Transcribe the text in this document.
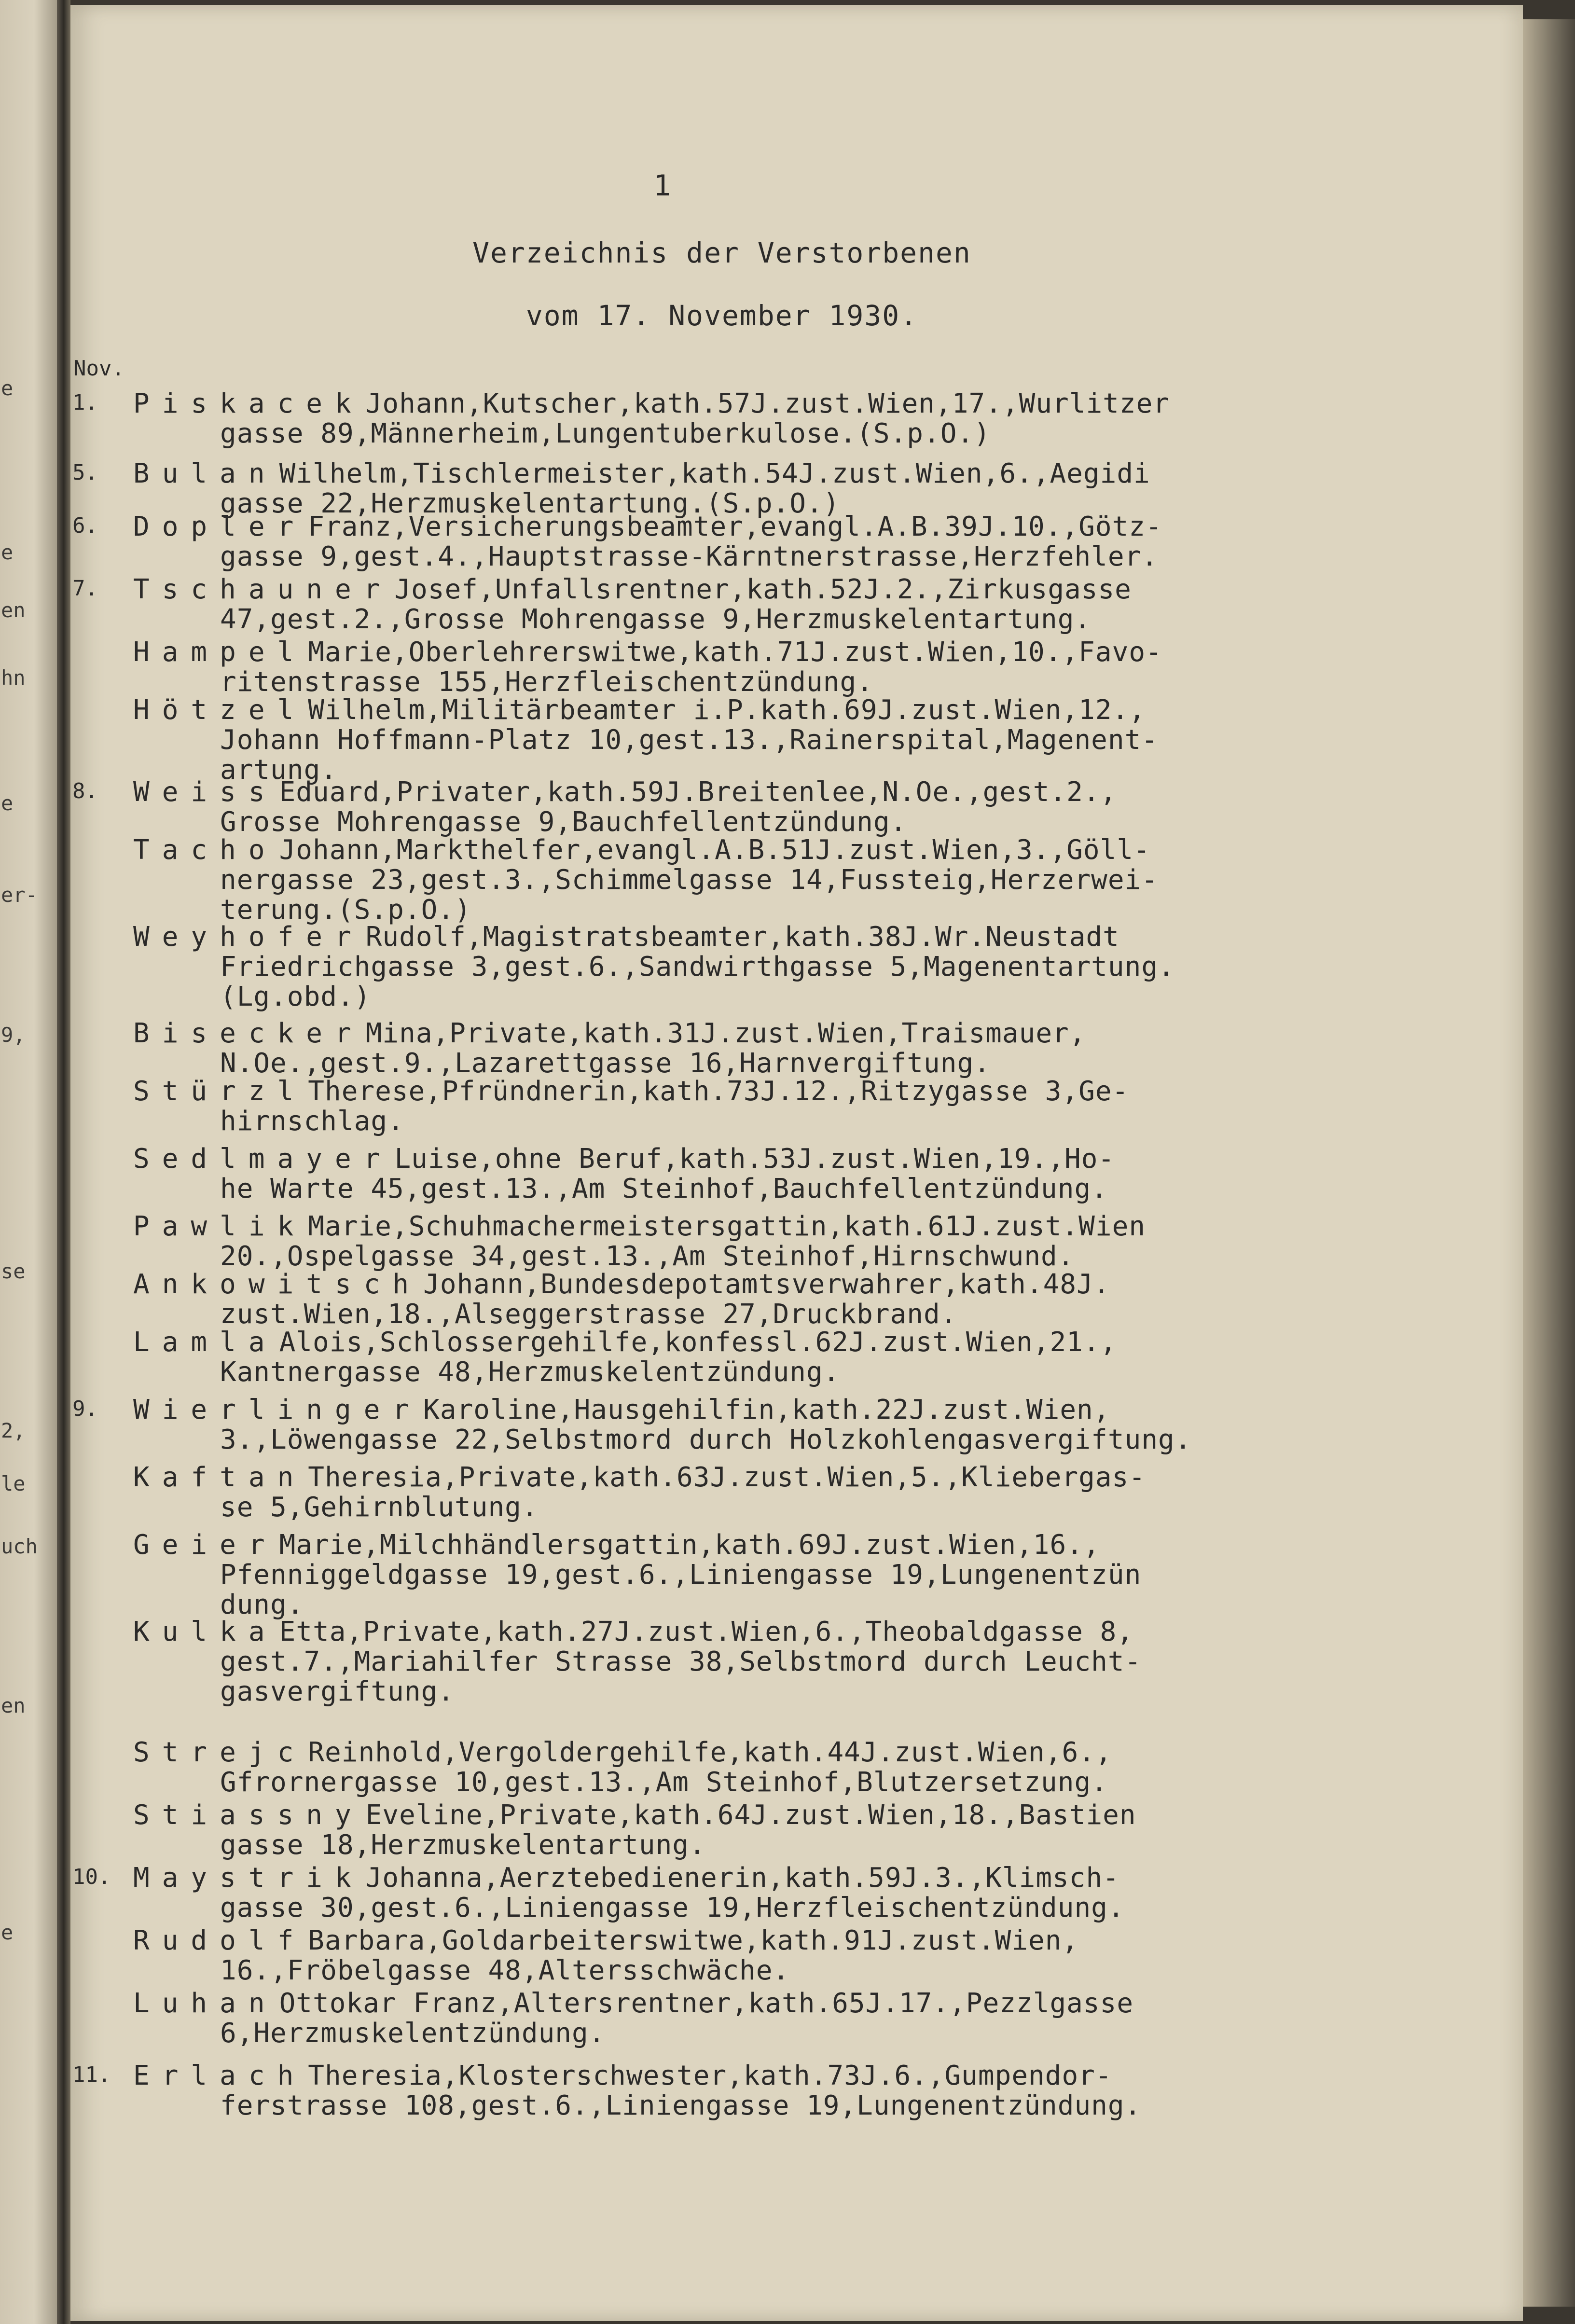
e
e
en
hn
e
er-
9,
se
2,
le
uch
en
e
1
Verzeichnis der Verstorbenen
vom 17. November 1930.
Nov.
1. PiskacekJohann,Kutscher,kath.57J.zust.Wien,17.,Wurlitzer
gasse 89,Männerheim,Lungentuberkulose.(S.p.O.)
5. BulanWilhelm,Tischlermeister,kath.54J.zust.Wien,6.,Aegidi
gasse 22,Herzmuskelentartung.(S.p.O.)
6. DoplerFranz,Versicherungsbeamter,evangl.A.B.39J.10.,Götz-
gasse 9,gest.4.,Hauptstrasse-Kärntnerstrasse,Herzfehler.
7. TschaunerJosef,Unfallsrentner,kath.52J.2.,Zirkusgasse
47,gest.2.,Grosse Mohrengasse 9,Herzmuskelentartung.
HampelMarie,Oberlehrerswitwe,kath.71J.zust.Wien,10.,Favo-
ritenstrasse 155,Herzfleischentzündung.
HötzelWilhelm,Militärbeamter i.P.kath.69J.zust.Wien,12.,
Johann Hoffmann-Platz 10,gest.13.,Rainerspital,Magenent-
artung.
8. WeissEduard,Privater,kath.59J.Breitenlee,N.Oe.,gest.2.,
Grosse Mohrengasse 9,Bauchfellentzündung.
TachoJohann,Markthelfer,evangl.A.B.51J.zust.Wien,3.,Göll-
nergasse 23,gest.3.,Schimmelgasse 14,Fussteig,Herzerwei-
terung.(S.p.O.)
WeyhoferRudolf,Magistratsbeamter,kath.38J.Wr.Neustadt
Friedrichgasse 3,gest.6.,Sandwirthgasse 5,Magenentartung.
(Lg.obd.)
BiseckerMina,Private,kath.31J.zust.Wien,Traismauer,
N.Oe.,gest.9.,Lazarettgasse 16,Harnvergiftung.
StürzlTherese,Pfründnerin,kath.73J.12.,Ritzygasse 3,Ge-
hirnschlag.
SedlmayerLuise,ohne Beruf,kath.53J.zust.Wien,19.,Ho-
he Warte 45,gest.13.,Am Steinhof,Bauchfellentzündung.
PawlikMarie,Schuhmachermeistersgattin,kath.61J.zust.Wien
20.,Ospelgasse 34,gest.13.,Am Steinhof,Hirnschwund.
AnkowitschJohann,Bundesdepotamtsverwahrer,kath.48J.
zust.Wien,18.,Alseggerstrasse 27,Druckbrand.
LamlaAlois,Schlossergehilfe,konfessl.62J.zust.Wien,21.,
Kantnergasse 48,Herzmuskelentzündung.
9. WierlingerKaroline,Hausgehilfin,kath.22J.zust.Wien,
3.,Löwengasse 22,Selbstmord durch Holzkohlengasvergiftung.
KaftanTheresia,Private,kath.63J.zust.Wien,5.,Kliebergas-
se 5,Gehirnblutung.
GeierMarie,Milchhändlersgattin,kath.69J.zust.Wien,16.,
Pfenniggeldgasse 19,gest.6.,Liniengasse 19,Lungenentzün
dung.
KulkaEtta,Private,kath.27J.zust.Wien,6.,Theobaldgasse 8,
gest.7.,Mariahilfer Strasse 38,Selbstmord durch Leucht-
gasvergiftung.
StrejcReinhold,Vergoldergehilfe,kath.44J.zust.Wien,6.,
Gfrornergasse 10,gest.13.,Am Steinhof,Blutzersetzung.
StiassnyEveline,Private,kath.64J.zust.Wien,18.,Bastien
gasse 18,Herzmuskelentartung.
10. MaystrikJohanna,Aerztebedienerin,kath.59J.3.,Klimsch-
gasse 30,gest.6.,Liniengasse 19,Herzfleischentzündung.
RudolfBarbara,Goldarbeiterswitwe,kath.91J.zust.Wien,
16.,Fröbelgasse 48,Altersschwäche.
LuhanOttokar Franz,Altersrentner,kath.65J.17.,Pezzlgasse
6,Herzmuskelentzündung.
11. ErlachTheresia,Klosterschwester,kath.73J.6.,Gumpendor-
ferstrasse 108,gest.6.,Liniengasse 19,Lungenentzündung.
